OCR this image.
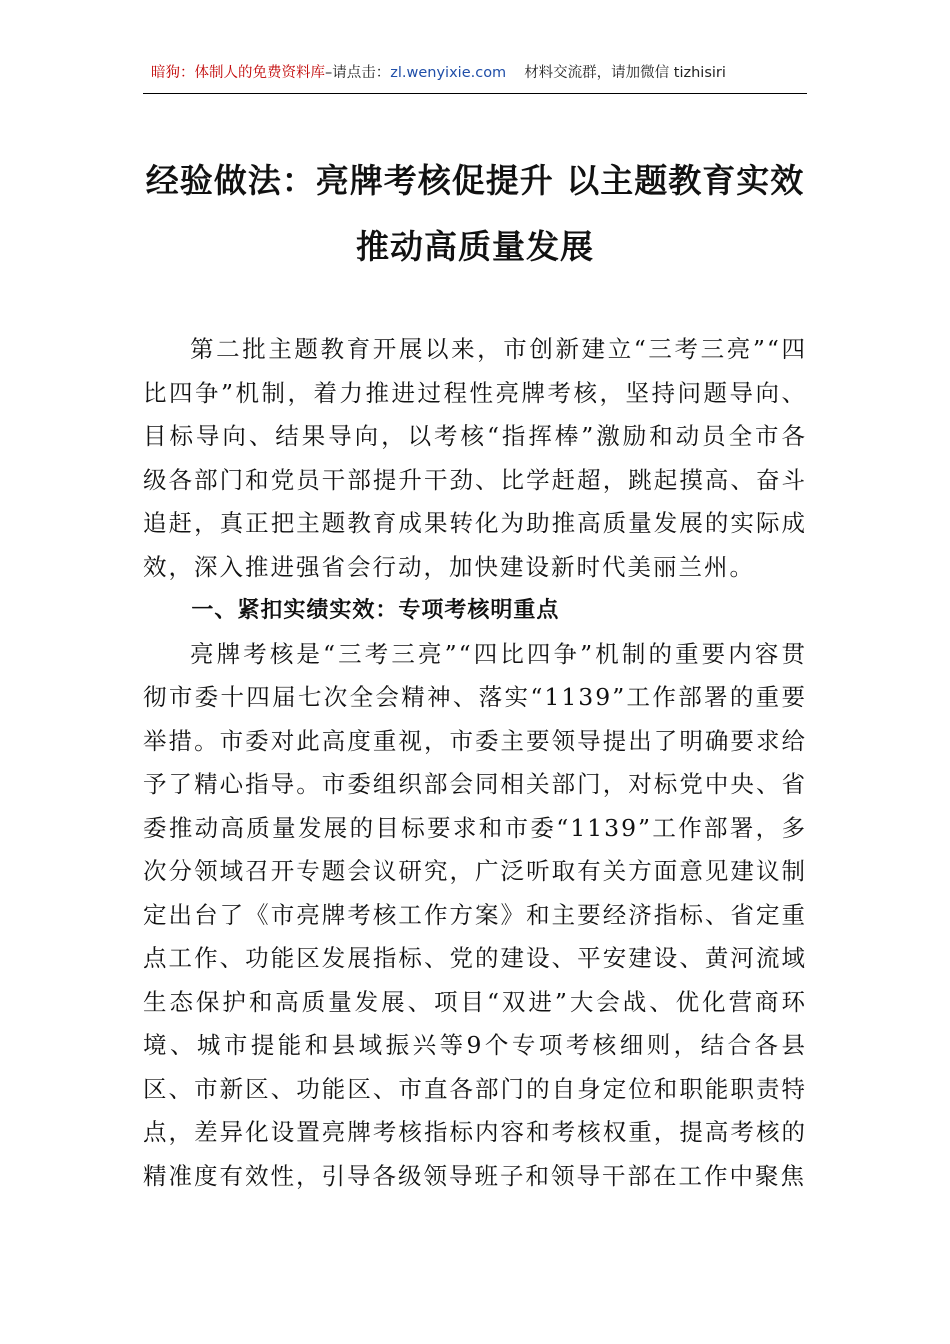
暗狗：体制人的免费资料库–请点击：zl.wenyixie.com 材料交流群，请加微信 tizhisiri
经验做法：亮牌考核促提升 以主题教育实效推动高质量发展

第二批主题教育开展以来，市创新建立“三考三亮”“四比四争”机制，着力推进过程性亮牌考核，坚持问题导向、目标导向、结果导向，以考核“指挥棒”激励和动员全市各级各部门和党员干部提升干劲、比学赶超，跳起摸高、奋斗追赶，真正把主题教育成果转化为助推高质量发展的实际成效，深入推进强省会行动，加快建设新时代美丽兰州。

一、紧扣实绩实效：专项考核明重点

亮牌考核是“三考三亮”“四比四争”机制的重要内容贯彻市委十四届七次全会精神、落实“1139”工作部署的重要举措。市委对此高度重视，市委主要领导提出了明确要求给予了精心指导。市委组织部会同相关部门，对标党中央、省委推动高质量发展的目标要求和市委“1139”工作部署，多次分领域召开专题会议研究，广泛听取有关方面意见建议制定出台了《市亮牌考核工作方案》和主要经济指标、省定重点工作、功能区发展指标、党的建设、平安建设、黄河流域生态保护和高质量发展、项目“双进”大会战、优化营商环境、城市提能和县域振兴等9个专项考核细则，结合各县区、市新区、功能区、市直各部门的自身定位和职能职责特点，差异化设置亮牌考核指标内容和考核权重，提高考核的精准度有效性，引导各级领导班子和领导干部在工作中聚焦
